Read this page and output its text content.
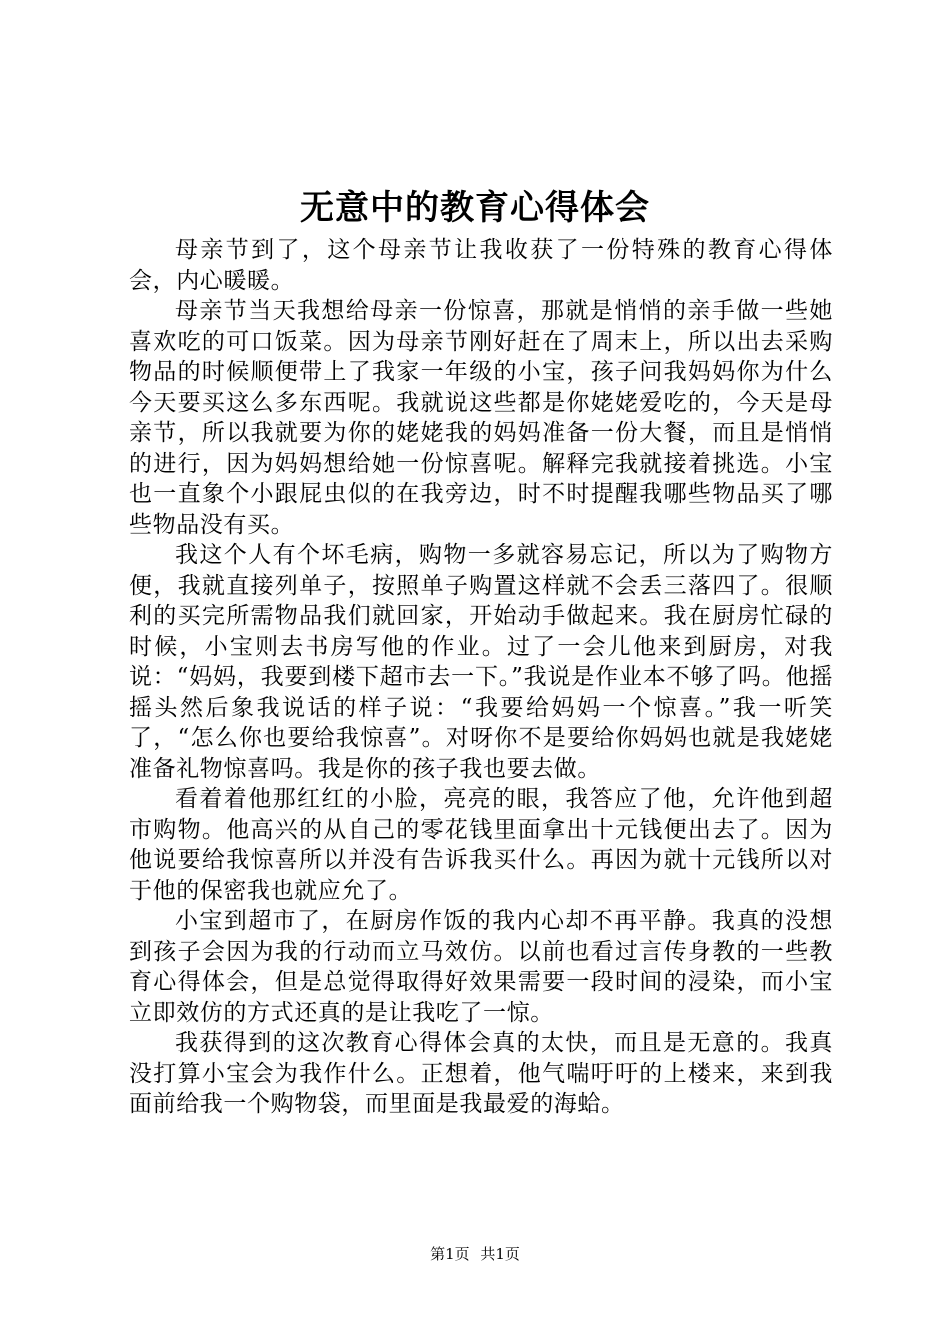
无意中的教育心得体会

母亲节到了，这个母亲节让我收获了一份特殊的教育心得体会，内心暖暖。

母亲节当天我想给母亲一份惊喜，那就是悄悄的亲手做一些她喜欢吃的可口饭菜。因为母亲节刚好赶在了周末上，所以出去采购物品的时候顺便带上了我家一年级的小宝，孩子问我妈妈你为什么今天要买这么多东西呢。我就说这些都是你姥姥爱吃的，今天是母亲节，所以我就要为你的姥姥我的妈妈准备一份大餐，而且是悄悄的进行，因为妈妈想给她一份惊喜呢。解释完我就接着挑选。小宝也一直象个小跟屁虫似的在我旁边，时不时提醒我哪些物品买了哪些物品没有买。

我这个人有个坏毛病，购物一多就容易忘记，所以为了购物方便，我就直接列单子，按照单子购置这样就不会丢三落四了。很顺利的买完所需物品我们就回家，开始动手做起来。我在厨房忙碌的时候，小宝则去书房写他的作业。过了一会儿他来到厨房，对我说：“妈妈，我要到楼下超市去一下。”我说是作业本不够了吗。他摇摇头然后象我说话的样子说：“我要给妈妈一个惊喜。”我一听笑了，“怎么你也要给我惊喜”。对呀你不是要给你妈妈也就是我姥姥准备礼物惊喜吗。我是你的孩子我也要去做。

看着着他那红红的小脸，亮亮的眼，我答应了他，允许他到超市购物。他高兴的从自己的零花钱里面拿出十元钱便出去了。因为他说要给我惊喜所以并没有告诉我买什么。再因为就十元钱所以对于他的保密我也就应允了。

小宝到超市了，在厨房作饭的我内心却不再平静。我真的没想到孩子会因为我的行动而立马效仿。以前也看过言传身教的一些教育心得体会，但是总觉得取得好效果需要一段时间的浸染，而小宝立即效仿的方式还真的是让我吃了一惊。

我获得到的这次教育心得体会真的太快，而且是无意的。我真没打算小宝会为我作什么。正想着，他气喘吁吁的上楼来，来到我面前给我一个购物袋，而里面是我最爱的海蛤。

第1页 共1页
